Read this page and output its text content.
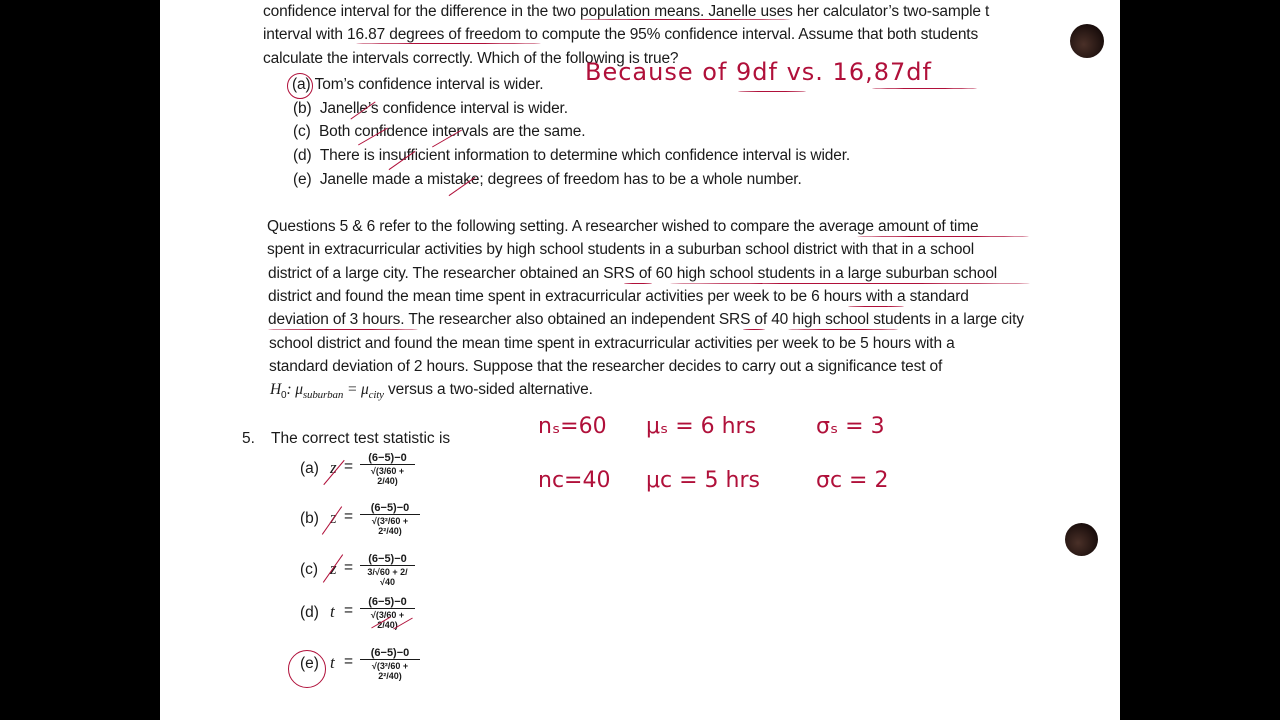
confidence interval for the difference in the two population means. Janelle uses her calculator’s two-sample t
interval with 16.87 degrees of freedom to compute the 95% confidence interval. Assume that both students
calculate the intervals correctly. Which of the following is true?
(a) Tom’s confidence interval is wider.
(b) Janelle’s confidence interval is wider.
(c) Both confidence intervals are the same.
(d) There is insufficient information to determine which confidence interval is wider.
(e) Janelle made a mistake; degrees of freedom has to be a whole number.
Because of 9df vs. 16,87df
Questions 5 & 6 refer to the following setting. A researcher wished to compare the average amount of time
spent in extracurricular activities by high school students in a suburban school district with that in a school
district of a large city. The researcher obtained an SRS of 60 high school students in a large suburban school
district and found the mean time spent in extracurricular activities per week to be 6 hours with a standard
deviation of 3 hours. The researcher also obtained an independent SRS of 40 high school students in a large city
school district and found the mean time spent in extracurricular activities per week to be 5 hours with a
standard deviation of 2 hours. Suppose that the researcher decides to carry out a significance test of
$H_0$: $\mu_{suburban} = \mu_{city}$ versus a two-sided alternative.
5. The correct test statistic is
(a) z =	(6−5)−0
√(3/60 + 2/40)
(b) z =	(6−5)−0
√(3²/60 + 2²/40)
(c) z =	(6−5)−0
3/√60 + 2/√40
(d) t =	(6−5)−0
√(3/60 + 2/40)
(e) t =	(6−5)−0
√(3²/60 + 2²/40)
nₛ=60 μₛ = 6 hrs	σₛ = 3
nᴄ=40 μᴄ = 5 hrs	σᴄ = 2
